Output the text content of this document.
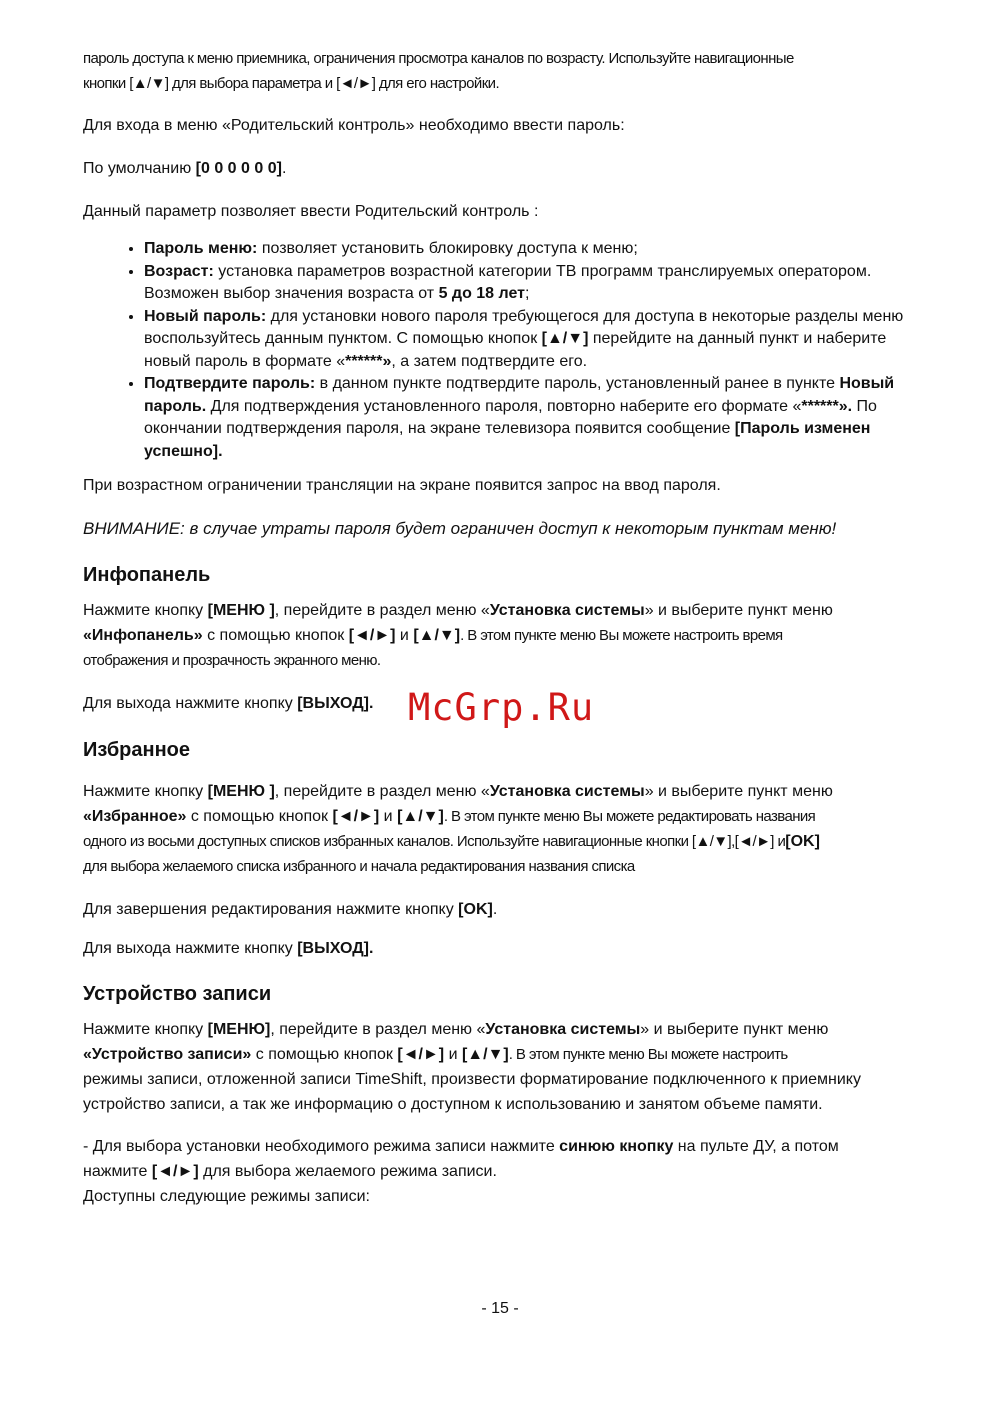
пароль доступа к меню приемника, ограничения просмотра каналов по возрасту. Используйте навигационные

кнопки [▲/▼] для выбора параметра и [◄/►] для его настройки.

Для входа в меню «Родительский контроль» необходимо ввести пароль:

По умолчанию [0 0 0 0 0 0].

Данный параметр позволяет ввести Родительский контроль :

• Пароль меню: позволяет установить блокировку доступа к меню;
• Возраст: установка параметров возрастной категории ТВ программ транслируемых оператором. Возможен выбор значения возраста от 5 до 18 лет;
• Новый пароль: для установки нового пароля требующегося для доступа в некоторые разделы меню воспользуйтесь данным пунктом. С помощью кнопок [▲/▼] перейдите на данный пункт и наберите новый пароль в формате «******», а затем подтвердите его.
• Подтвердите пароль: в данном пункте подтвердите пароль, установленный ранее в пункте Новый пароль. Для подтверждения установленного пароля, повторно наберите его формате «******». По окончании подтверждения пароля, на экране телевизора появится сообщение [Пароль изменен успешно].

При возрастном ограничении трансляции на экране появится запрос на ввод пароля.

ВНИМАНИЕ: в случае утраты пароля будет ограничен доступ к некоторым пунктам меню!

Инфопанель

Нажмите кнопку [МЕНЮ ], перейдите в раздел меню «Установка системы» и выберите пункт меню
«Инфопанель» с помощью кнопок [◄/►] и [▲/▼]. В этом пункте меню Вы можете настроить время
отображения и прозрачность экранного меню.

Для выхода нажмите кнопку [ВЫХОД].

Избранное

Нажмите кнопку [МЕНЮ ], перейдите в раздел меню «Установка системы» и выберите пункт меню
«Избранное» с помощью кнопок [◄/►] и [▲/▼]. В этом пункте меню Вы можете редактировать названия
одного из восьми доступных списков избранных каналов. Используйте навигационные кнопки [▲/▼],[◄/►] и[OK]
для выбора желаемого списка избранного и начала редактирования названия списка

Для завершения редактирования нажмите кнопку [OK].

Для выхода нажмите кнопку [ВЫХОД].

Устройство записи

Нажмите кнопку [МЕНЮ], перейдите в раздел меню «Установка системы» и выберите пункт меню
«Устройство записи» с помощью кнопок [◄/►] и [▲/▼]. В этом пункте меню Вы можете настроить
режимы записи, отложенной записи TimeShift, произвести форматирование подключенного к приемнику устройство записи, а так же информацию о доступном к использованию и занятом объеме памяти.

- Для выбора установки необходимого режима записи нажмите синюю кнопку на пульте ДУ, а потом
нажмите [◄/►] для выбора желаемого режима записи.
Доступны следующие режимы записи:

McGrp.Ru
- 15 -
